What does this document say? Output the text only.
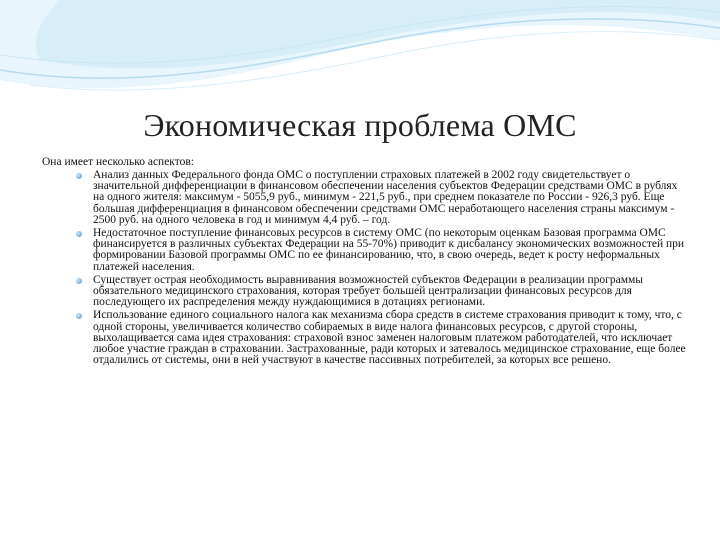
Экономическая проблема ОМС
Она имеет несколько аспектов:
Анализ данных Федерального фонда ОМС о поступлении страховых платежей в 2002 году свидетельствует о значительной дифференциации в финансовом обеспечении населения субъектов Федерации средствами ОМС в рублях на одного жителя: максимум - 5055,9 руб., минимум - 221,5 руб., при среднем показателе по России - 926,3 руб. Еще большая дифференциация в финансовом обеспечении средствами ОМС неработающего населения страны максимум - 2500 руб. на одного человека в год и минимум 4,4 руб. – год.
Недостаточное поступление финансовых ресурсов в систему ОМС (по некоторым оценкам Базовая программа ОМС финансируется в различных субъектах Федерации на 55-70%) приводит к дисбалансу экономических возможностей при формировании Базовой программы ОМС по ее финансированию, что, в свою очередь, ведет к росту неформальных платежей населения.
Существует острая необходимость выравнивания возможностей субъектов Федерации в реализации программы обязательного медицинского страхования, которая требует большей централизации финансовых ресурсов для последующего их распределения между нуждающимися в дотациях регионами.
Использование единого социального налога как механизма сбора средств в системе страхования приводит к тому, что, с одной стороны, увеличивается количество собираемых в виде налога финансовых ресурсов, с другой стороны, выхолащивается сама идея страхования: страховой взнос заменен налоговым платежом работодателей, что исключает любое участие граждан в страховании. Застрахованные, ради которых и затевалось медицинское страхование, еще более отдалились от системы, они в ней участвуют в качестве пассивных потребителей, за которых все решено.
